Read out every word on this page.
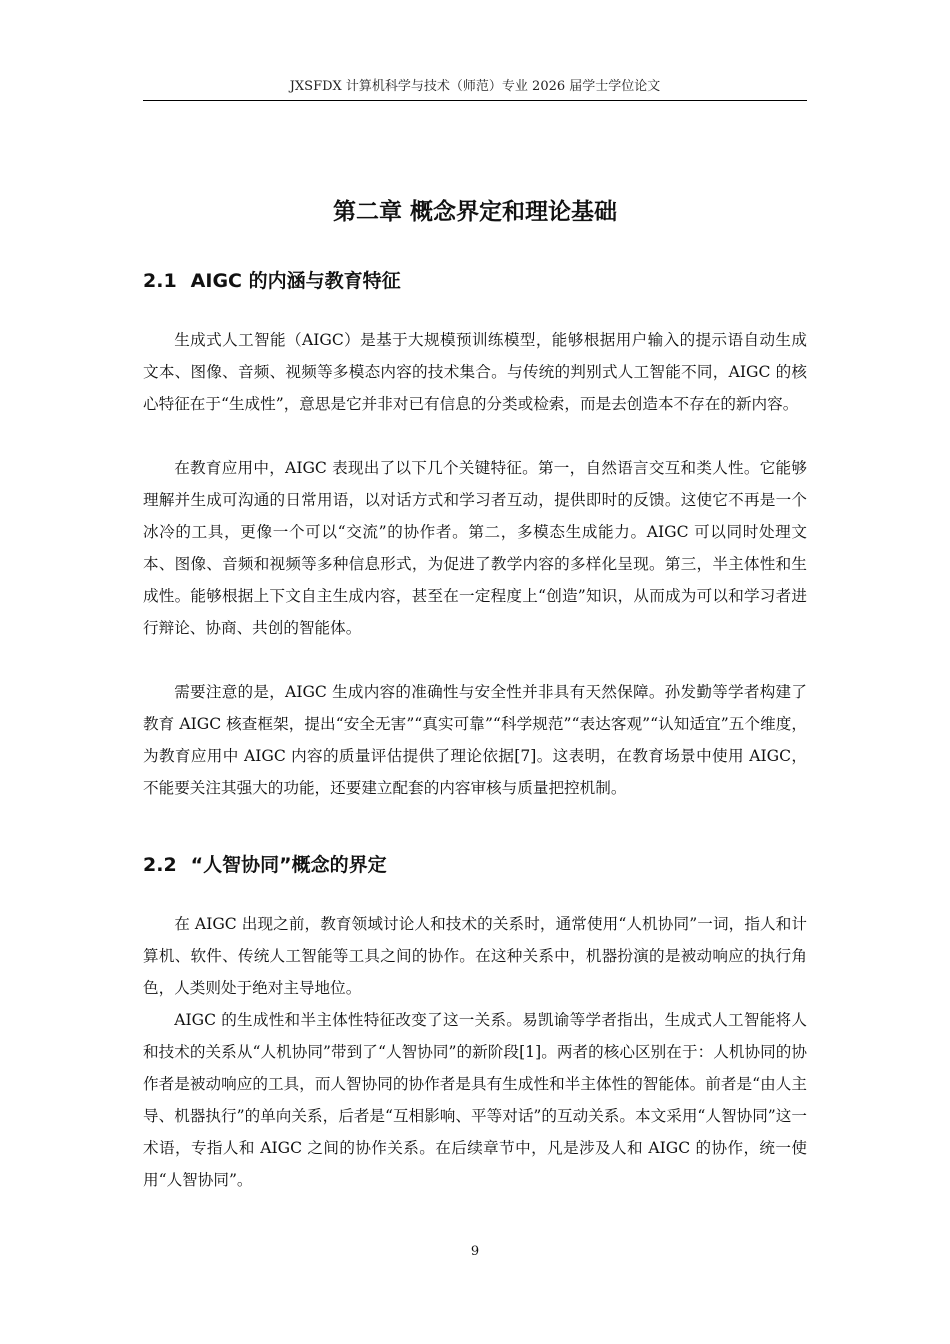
JXSFDX 计算机科学与技术（师范）专业 2026 届学士学位论文
第二章 概念界定和理论基础
2.1 AIGC 的内涵与教育特征

生成式人工智能（AIGC）是基于大规模预训练模型，能够根据用户输入的提示语自动生成文本、图像、音频、视频等多模态内容的技术集合。与传统的判别式人工智能不同，AIGC 的核心特征在于“生成性”，意思是它并非对已有信息的分类或检索，而是去创造本不存在的新内容。

在教育应用中，AIGC 表现出了以下几个关键特征。第一，自然语言交互和类人性。它能够理解并生成可沟通的日常用语，以对话方式和学习者互动，提供即时的反馈。这使它不再是一个冰冷的工具，更像一个可以“交流”的协作者。第二，多模态生成能力。AIGC 可以同时处理文本、图像、音频和视频等多种信息形式，为促进了教学内容的多样化呈现。第三，半主体性和生成性。能够根据上下文自主生成内容，甚至在一定程度上“创造”知识，从而成为可以和学习者进行辩论、协商、共创的智能体。

需要注意的是，AIGC 生成内容的准确性与安全性并非具有天然保障。孙发勤等学者构建了教育 AIGC 核查框架，提出“安全无害”“真实可靠”“科学规范”“表达客观”“认知适宜”五个维度，为教育应用中 AIGC 内容的质量评估提供了理论依据[7]。这表明，在教育场景中使用 AIGC，不能要关注其强大的功能，还要建立配套的内容审核与质量把控机制。

2.2 “人智协同”概念的界定

在 AIGC 出现之前，教育领域讨论人和技术的关系时，通常使用“人机协同”一词，指人和计算机、软件、传统人工智能等工具之间的协作。在这种关系中，机器扮演的是被动响应的执行角色，人类则处于绝对主导地位。

AIGC 的生成性和半主体性特征改变了这一关系。易凯谕等学者指出，生成式人工智能将人和技术的关系从“人机协同”带到了“人智协同”的新阶段[1]。两者的核心区别在于：人机协同的协作者是被动响应的工具，而人智协同的协作者是具有生成性和半主体性的智能体。前者是“由人主导、机器执行”的单向关系，后者是“互相影响、平等对话”的互动关系。本文采用“人智协同”这一术语，专指人和 AIGC 之间的协作关系。在后续章节中，凡是涉及人和 AIGC 的协作，统一使用“人智协同”。

9
